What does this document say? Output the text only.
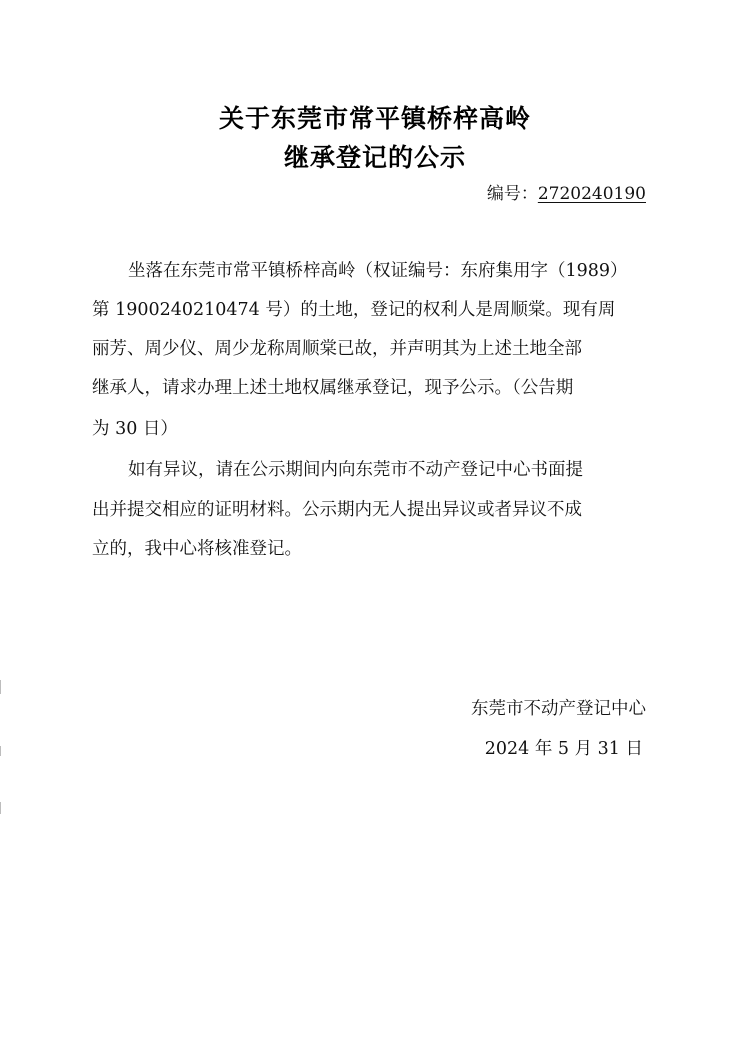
关于东莞市常平镇桥梓高岭
继承登记的公示
编号：2720240190
坐落在东莞市常平镇桥梓高岭（权证编号：东府集用字（1989）
第 1900240210474 号）的土地，登记的权利人是周顺棠。现有周
丽芳、周少仪、周少龙称周顺棠已故，并声明其为上述土地全部
继承人，请求办理上述土地权属继承登记，现予公示。（公告期
为 30 日）
如有异议，请在公示期间内向东莞市不动产登记中心书面提
出并提交相应的证明材料。公示期内无人提出异议或者异议不成
立的，我中心将核准登记。
东莞市不动产登记中心
2024 年 5 月 31 日
